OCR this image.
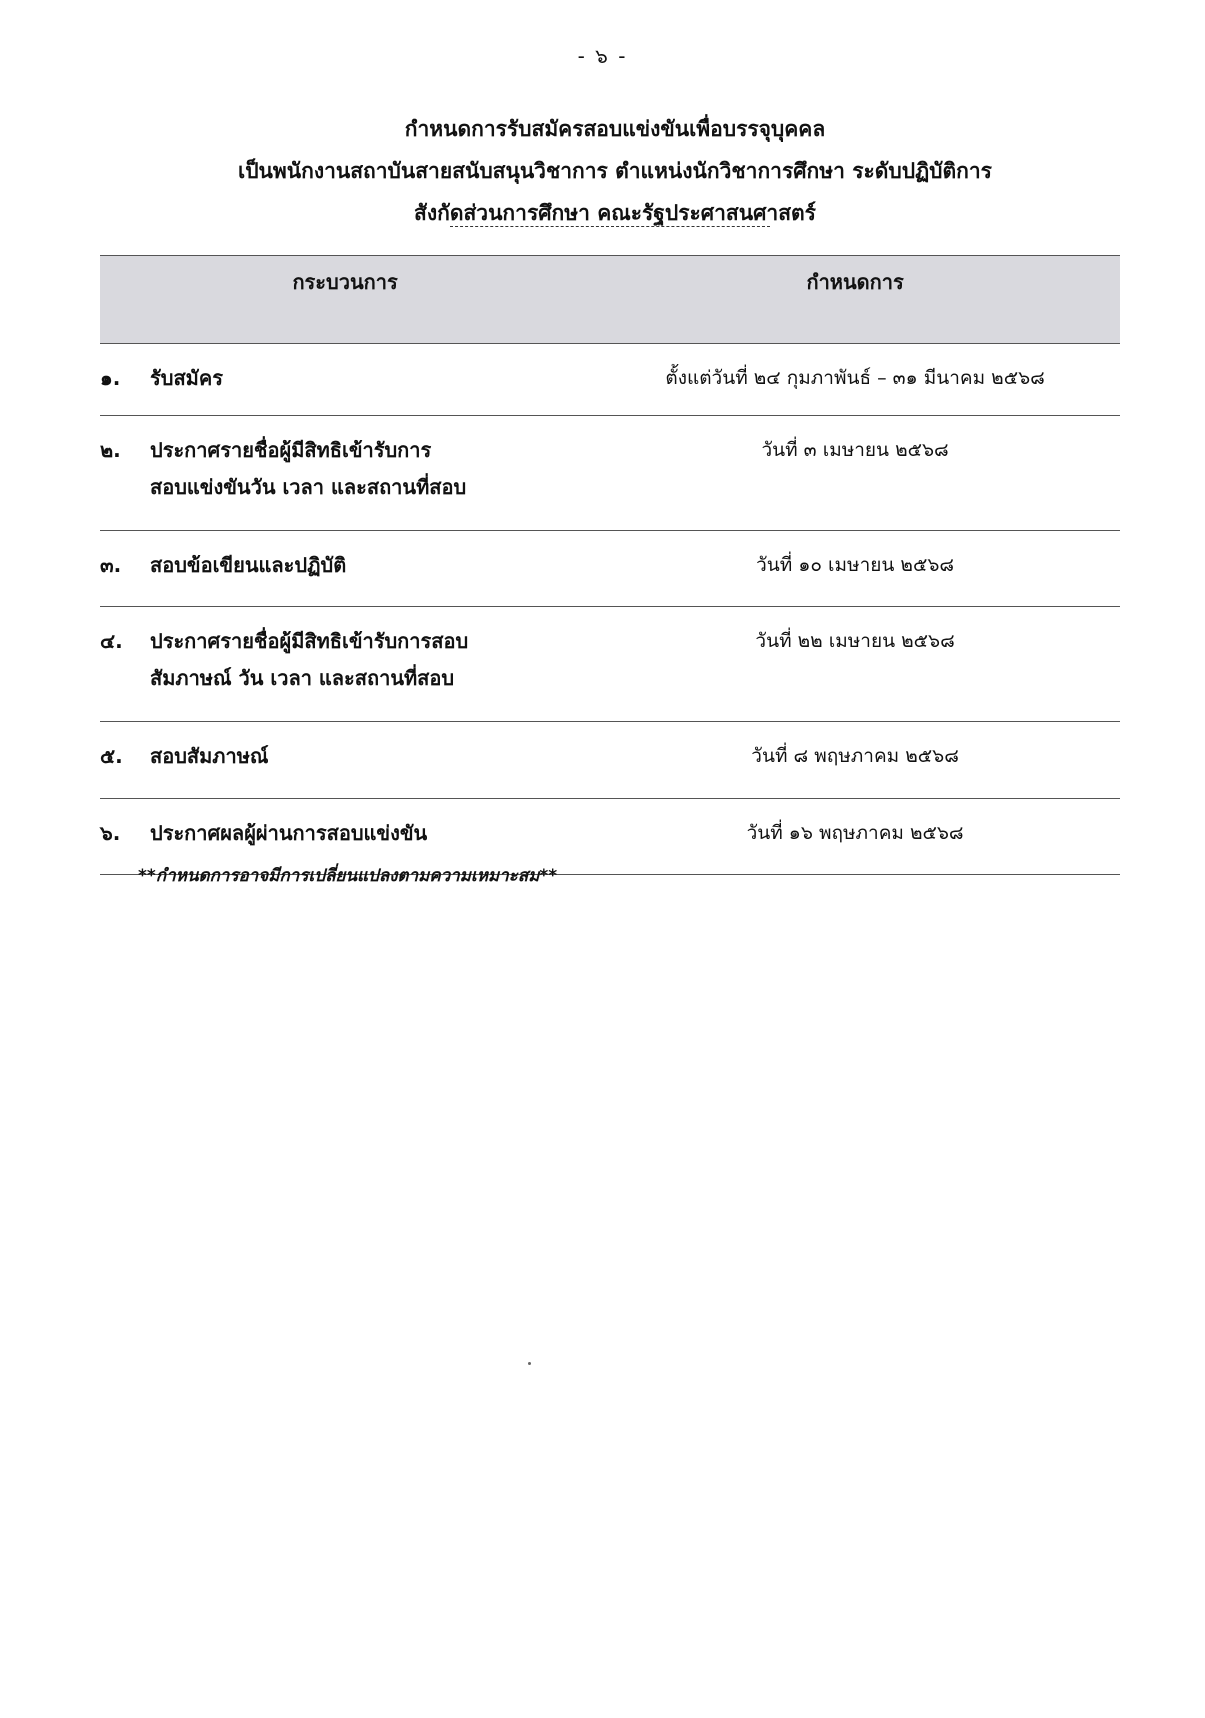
- ๖ -
กำหนดการรับสมัครสอบแข่งขันเพื่อบรรจุบุคคล
เป็นพนักงานสถาบันสายสนับสนุนวิชาการ ตำแหน่งนักวิชาการศึกษา ระดับปฏิบัติการ
สังกัดส่วนการศึกษา คณะรัฐประศาสนศาสตร์
กระบวนการ	กำหนดการ
๑. รับสมัคร	ตั้งแต่วันที่ ๒๔ กุมภาพันธ์ – ๓๑ มีนาคม ๒๕๖๘
๒. ประกาศรายชื่อผู้มีสิทธิเข้ารับการ
สอบแข่งขันวัน เวลา และสถานที่สอบ	วันที่ ๓ เมษายน ๒๕๖๘
๓. สอบข้อเขียนและปฏิบัติ	วันที่ ๑๐ เมษายน ๒๕๖๘
๔. ประกาศรายชื่อผู้มีสิทธิเข้ารับการสอบ
สัมภาษณ์ วัน เวลา และสถานที่สอบ	วันที่ ๒๒ เมษายน ๒๕๖๘
๕. สอบสัมภาษณ์	วันที่ ๘ พฤษภาคม ๒๕๖๘
๖. ประกาศผลผู้ผ่านการสอบแข่งขัน	วันที่ ๑๖ พฤษภาคม ๒๕๖๘
**กำหนดการอาจมีการเปลี่ยนแปลงตามความเหมาะสม**
